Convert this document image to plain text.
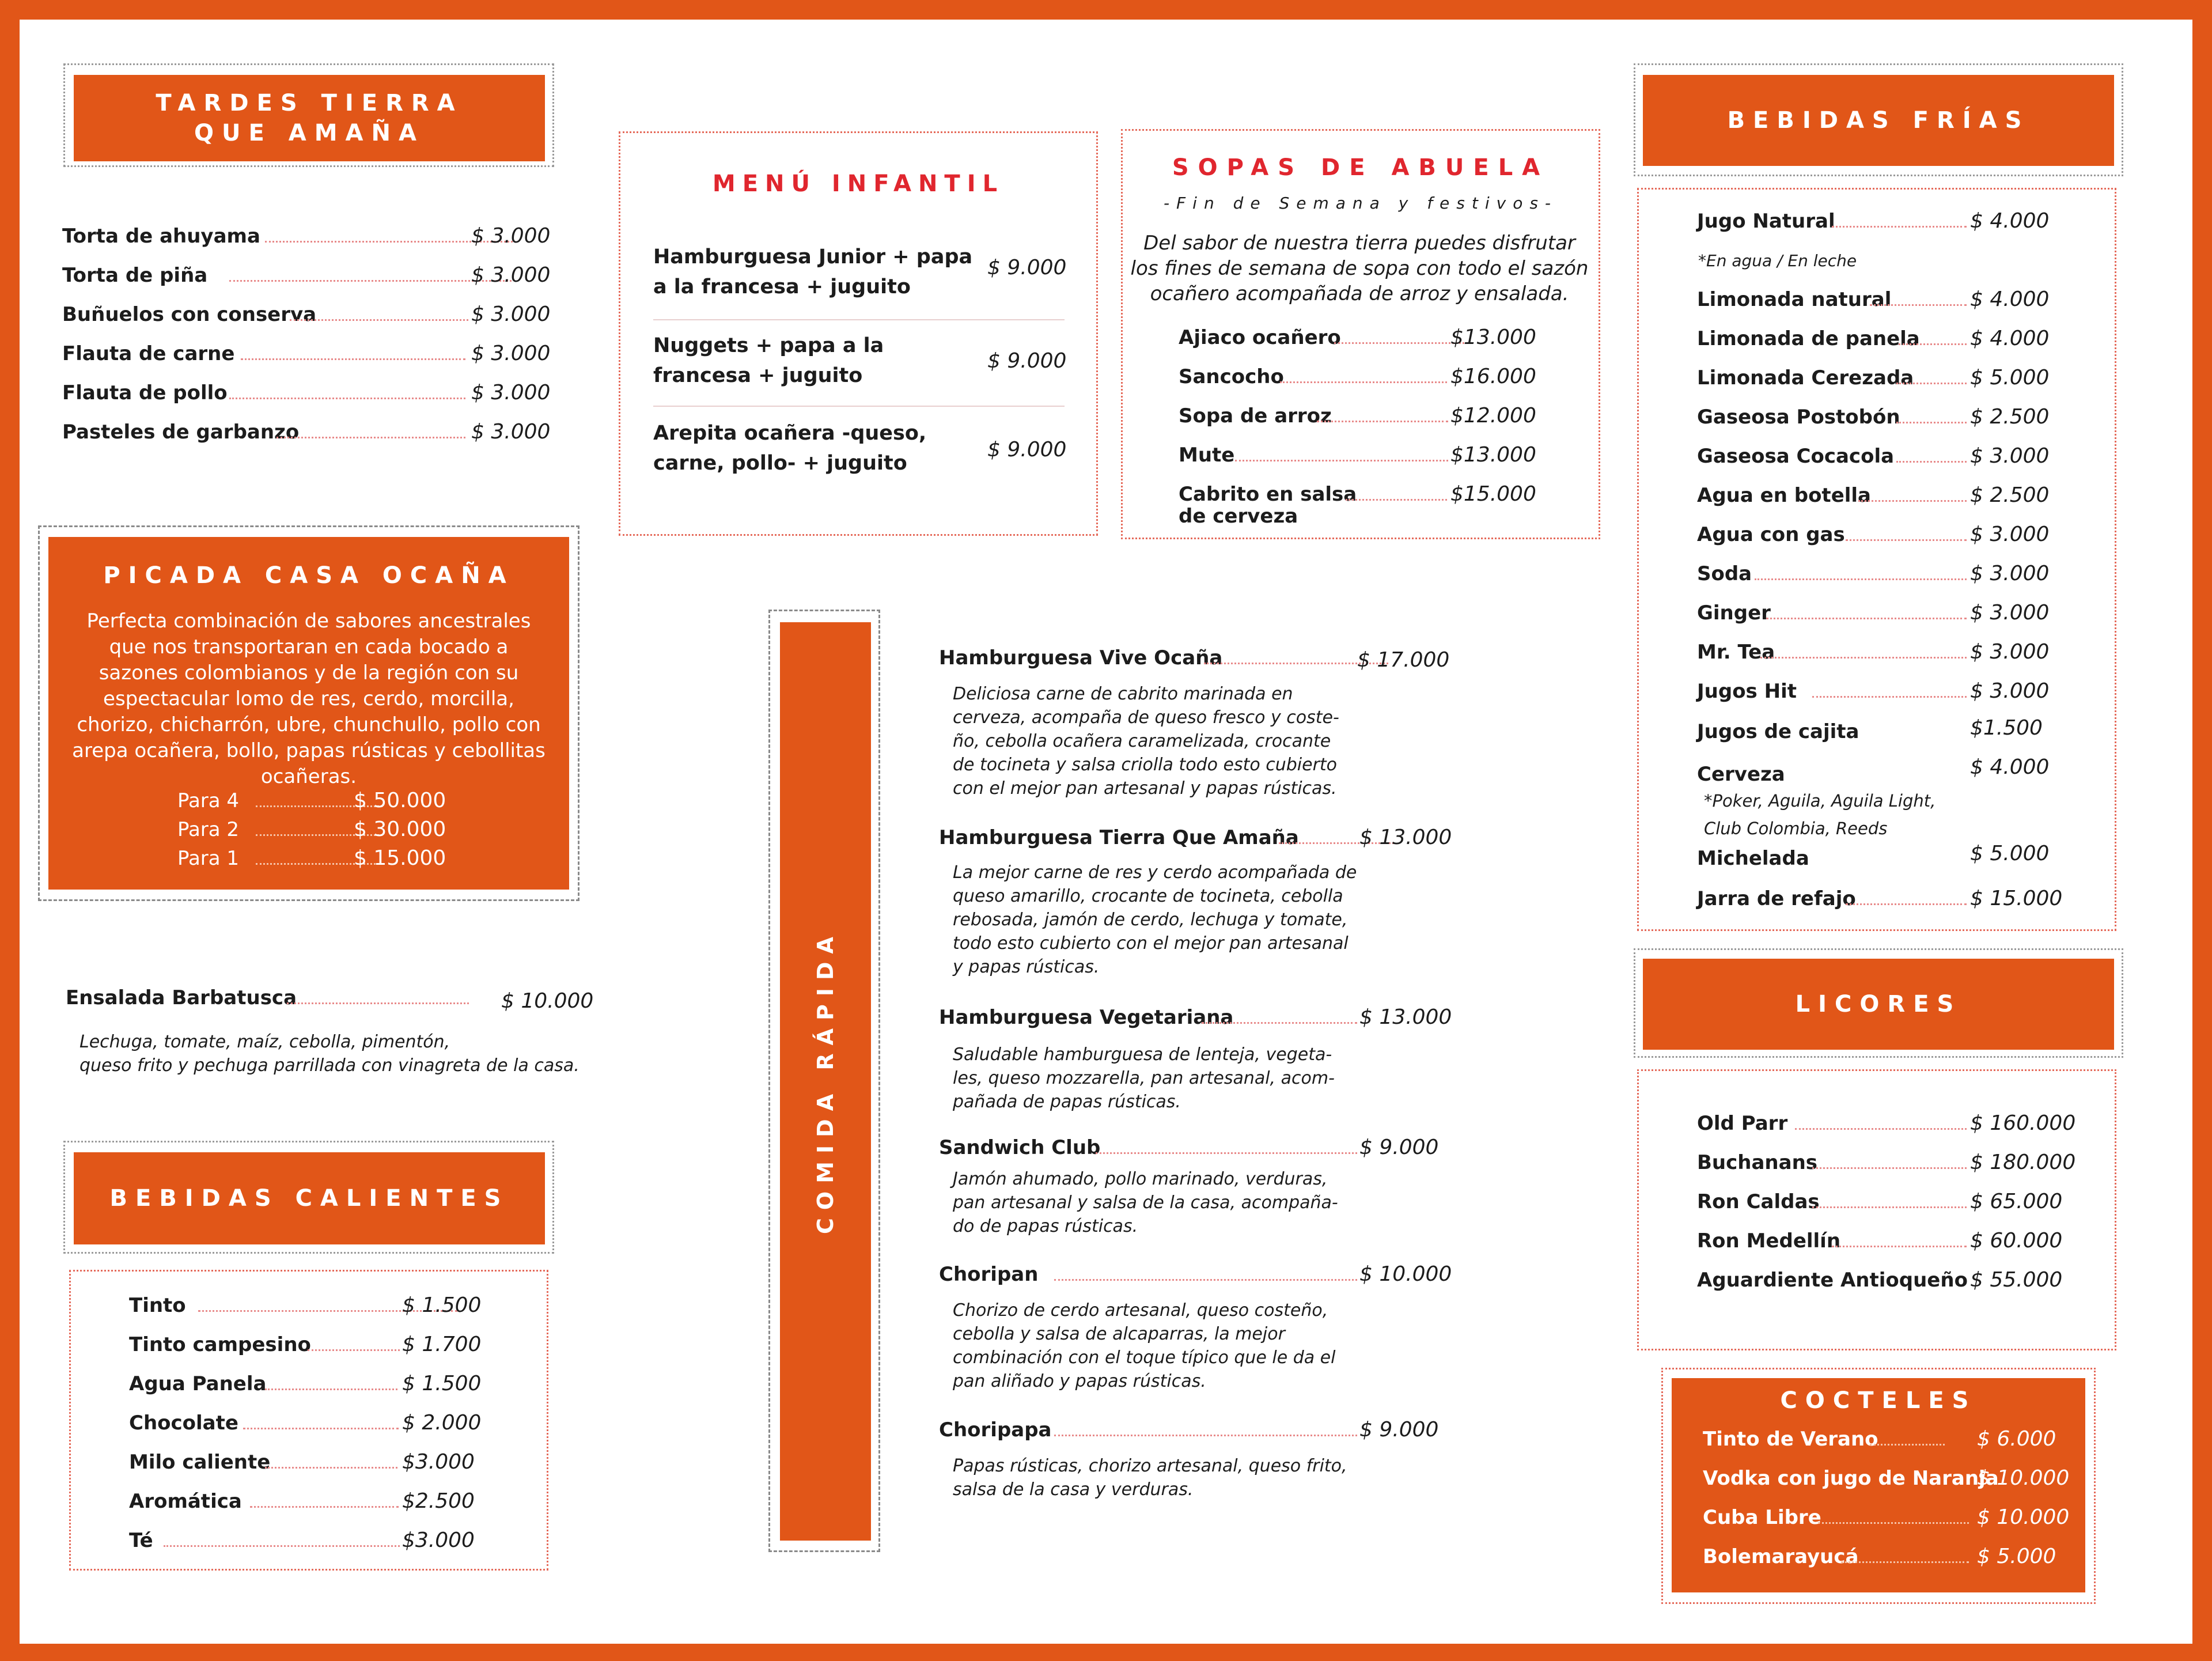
TARDES TIERRA
QUE AMAÑA
Torta de ahuyama	$ 3.000
Torta de piña	$ 3.000
Buñuelos con conserva	$ 3.000
Flauta de carne	$ 3.000
Flauta de pollo	$ 3.000
Pasteles de garbanzo	$ 3.000
PICADA CASA OCAÑA
Perfecta combinación de sabores ancestrales que nos transportaran en cada bocado a sazones colombianos y de la región con su espectacular lomo de res, cerdo, morcilla, chorizo, chicharrón, ubre, chunchullo, pollo con arepa ocañera, bollo, papas rústicas y cebollitas ocañeras.
Para 4	$ 50.000
Para 2	$ 30.000
Para 1	$ 15.000
Ensalada Barbatusca	$ 10.000
Lechuga, tomate, maíz, cebolla, pimentón,
queso frito y pechuga parrillada con vinagreta de la casa.
BEBIDAS CALIENTES
Tinto	$ 1.500
Tinto campesino	$ 1.700
Agua Panela	$ 1.500
Chocolate	$ 2.000
Milo caliente	$3.000
Aromática	$2.500
Té	$3.000
MENÚ INFANTIL
Hamburguesa Junior + papa
a la francesa + juguito
$ 9.000
Nuggets + papa a la
francesa + juguito
$ 9.000
Arepita ocañera -queso,
carne, pollo- + juguito
$ 9.000
SOPAS DE ABUELA
-Fin de Semana y festivos-
Del sabor de nuestra tierra puedes disfrutar
los fines de semana de sopa con todo el sazón
ocañero acompañada de arroz y ensalada.
Ajiaco ocañero	$13.000
Sancocho	$16.000
Sopa de arroz	$12.000
Mute	$13.000
Cabrito en salsa
de cerveza
$15.000
COMIDA RÁPIDA
Hamburguesa Vive Ocaña	$ 17.000
Deliciosa carne de cabrito marinada en
cerveza, acompaña de queso fresco y coste-
ño, cebolla ocañera caramelizada, crocante
de tocineta y salsa criolla todo esto cubierto
con el mejor pan artesanal y papas rústicas.
Hamburguesa Tierra Que Amaña	$ 13.000
La mejor carne de res y cerdo acompañada de
queso amarillo, crocante de tocineta, cebolla
rebosada, jamón de cerdo, lechuga y tomate,
todo esto cubierto con el mejor pan artesanal
y papas rústicas.
Hamburguesa Vegetariana	$ 13.000
Saludable hamburguesa de lenteja, vegeta-
les, queso mozzarella, pan artesanal, acom-
pañada de papas rústicas.
Sandwich Club	$ 9.000
Jamón ahumado, pollo marinado, verduras,
pan artesanal y salsa de la casa, acompaña-
do de papas rústicas.
Choripan	$ 10.000
Chorizo de cerdo artesanal, queso costeño,
cebolla y salsa de alcaparras, la mejor
combinación con el toque típico que le da el
pan aliñado y papas rústicas.
Choripapa	$ 9.000
Papas rústicas, chorizo artesanal, queso frito,
salsa de la casa y verduras.
BEBIDAS FRÍAS
Jugo Natural	$ 4.000
*En agua / En leche
Limonada natural	$ 4.000
Limonada de panela $ 4.000
Limonada Cerezada	$ 5.000
Gaseosa Postobón	$ 2.500
Gaseosa Cocacola	$ 3.000
Agua en botella	$ 2.500
Agua con gas	$ 3.000
Soda	$ 3.000
Ginger	$ 3.000
Mr. Tea	$ 3.000
Jugos Hit	$ 3.000
Jugos de cajita	$1.500
Cerveza	$ 4.000
*Poker, Aguila, Aguila Light,
Club Colombia, Reeds
Michelada	$ 5.000
Jarra de refajo	$ 15.000
LICORES
Old Parr	$ 160.000
Buchanans	$ 180.000
Ron Caldas	$ 65.000
Ron Medellín	$ 60.000
Aguardiente Antioqueño $ 55.000
COCTELES
Tinto de Verano	$ 6.000
Vodka con jugo de Naranja
$ 10.000
Cuba Libre	$ 10.000
Bolemarayucá	$ 5.000
